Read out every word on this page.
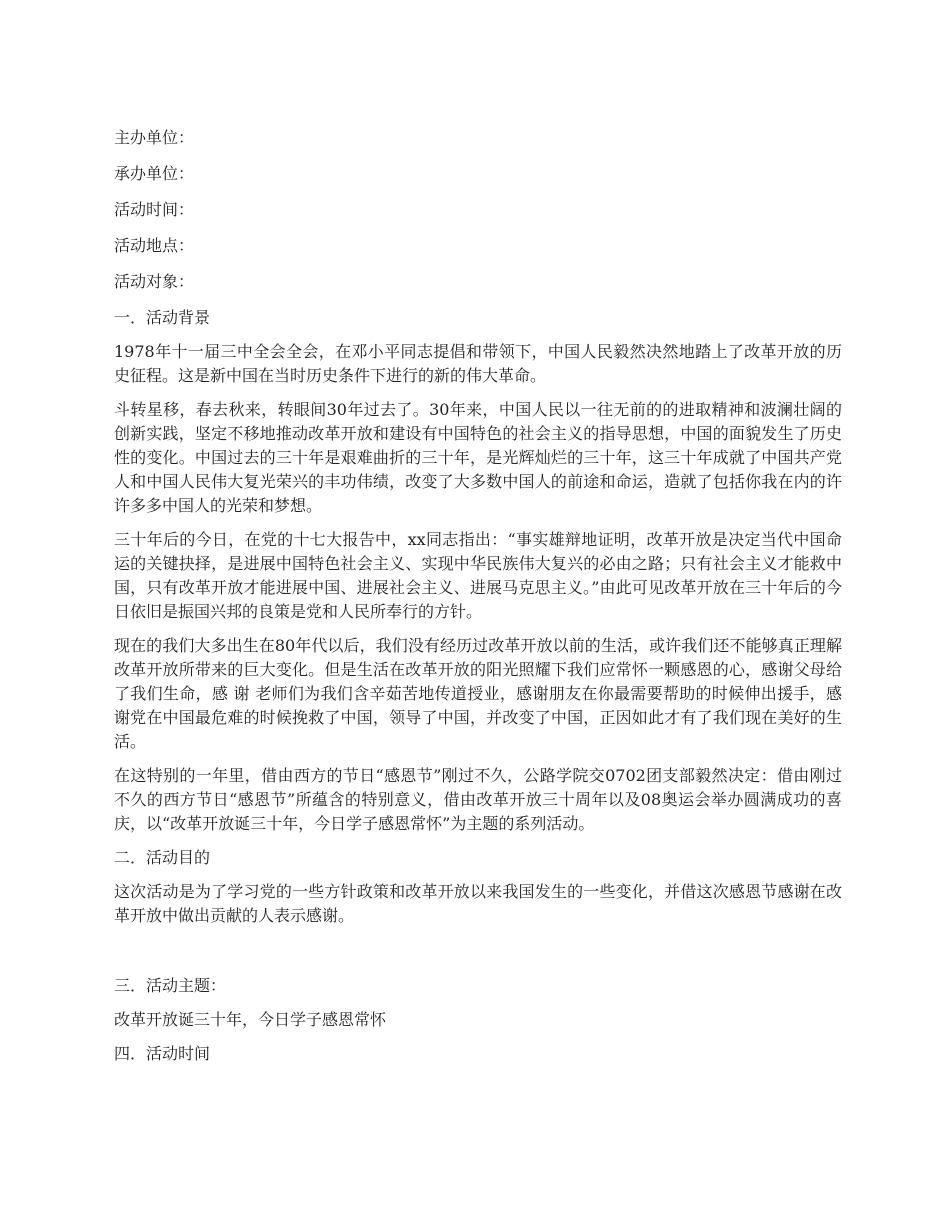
主办单位：
承办单位：
活动时间：
活动地点：
活动对象：
一．活动背景

1978年十一届三中全会全会，在邓小平同志提倡和带领下，中国人民毅然决然地踏上了改革开放的历史征程。这是新中国在当时历史条件下进行的新的伟大革命。

斗转星移，春去秋来，转眼间30年过去了。30年来，中国人民以一往无前的的进取精神和波澜壮阔的创新实践，坚定不移地推动改革开放和建设有中国特色的社会主义的指导思想，中国的面貌发生了历史性的变化。中国过去的三十年是艰难曲折的三十年，是光辉灿烂的三十年，这三十年成就了中国共产党人和中国人民伟大复光荣兴的丰功伟绩，改变了大多数中国人的前途和命运，造就了包括你我在内的许许多多中国人的光荣和梦想。

三十年后的今日，在党的十七大报告中，xx同志指出：“事实雄辩地证明，改革开放是决定当代中国命运的关键抉择，是进展中国特色社会主义、实现中华民族伟大复兴的必由之路；只有社会主义才能救中国，只有改革开放才能进展中国、进展社会主义、进展马克思主义。”由此可见改革开放在三十年后的今日依旧是振国兴邦的良策是党和人民所奉行的方针。

现在的我们大多出生在80年代以后，我们没有经历过改革开放以前的生活，或许我们还不能够真正理解改革开放所带来的巨大变化。但是生活在改革开放的阳光照耀下我们应常怀一颗感恩的心，感谢父母给了我们生命，感 谢 老师们为我们含辛茹苦地传道授业，感谢朋友在你最需要帮助的时候伸出援手，感谢党在中国最危难的时候挽救了中国，领导了中国，并改变了中国，正因如此才有了我们现在美好的生活。

在这特别的一年里，借由西方的节日“感恩节”刚过不久，公路学院交0702团支部毅然决定：借由刚过不久的西方节日“感恩节”所蕴含的特别意义，借由改革开放三十周年以及08奥运会举办圆满成功的喜庆，以“改革开放诞三十年，今日学子感恩常怀”为主题的系列活动。

二．活动目的

这次活动是为了学习党的一些方针政策和改革开放以来我国发生的一些变化，并借这次感恩节感谢在改革开放中做出贡献的人表示感谢。

三．活动主题：

改革开放诞三十年，今日学子感恩常怀

四．活动时间
